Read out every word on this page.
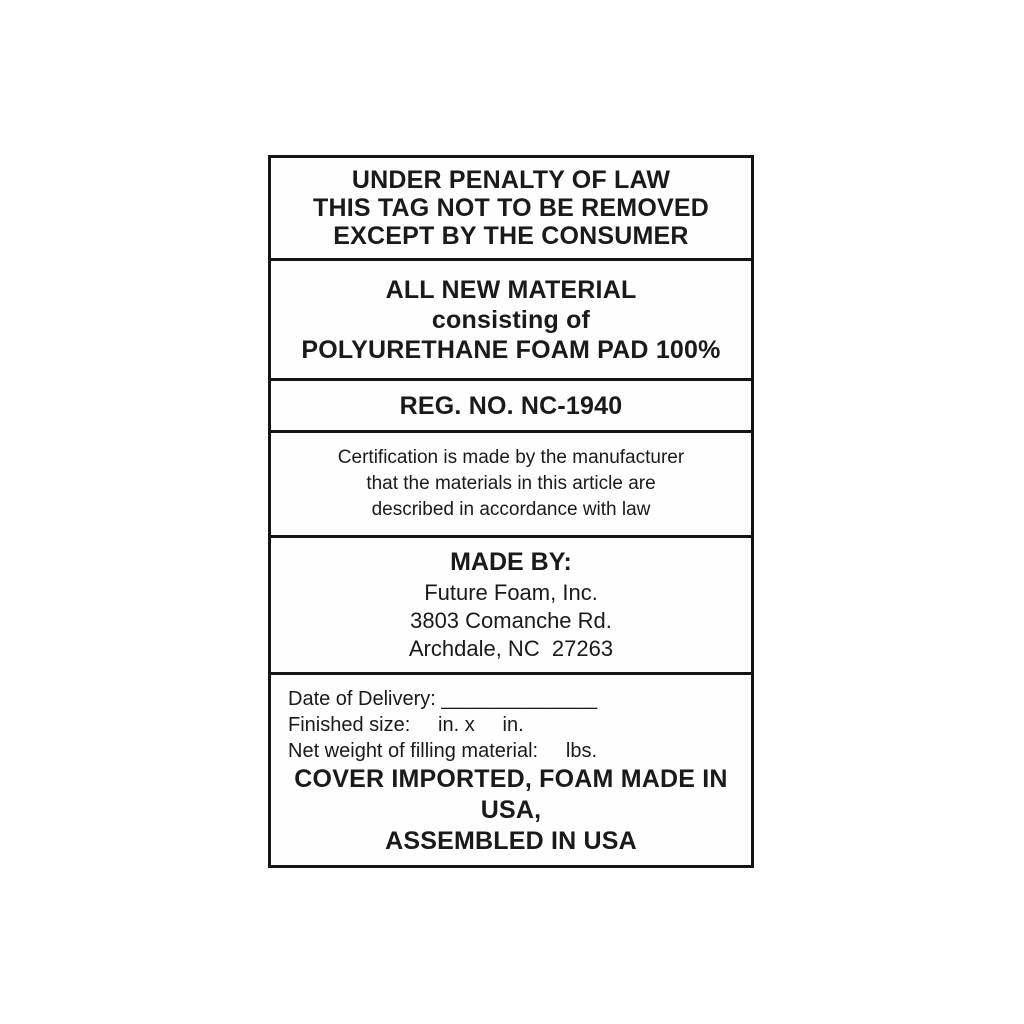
UNDER PENALTY OF LAW
THIS TAG NOT TO BE REMOVED
EXCEPT BY THE CONSUMER
ALL NEW MATERIAL
consisting of
POLYURETHANE FOAM PAD 100%
REG. NO. NC-1940
Certification is made by the manufacturer
that the materials in this article are
described in accordance with law
MADE BY:
Future Foam, Inc.
3803 Comanche Rd.
Archdale, NC  27263
Date of Delivery: ______________
Finished size:     in. x     in.
Net weight of filling material:     lbs.
COVER IMPORTED, FOAM MADE IN USA,
ASSEMBLED IN USA
